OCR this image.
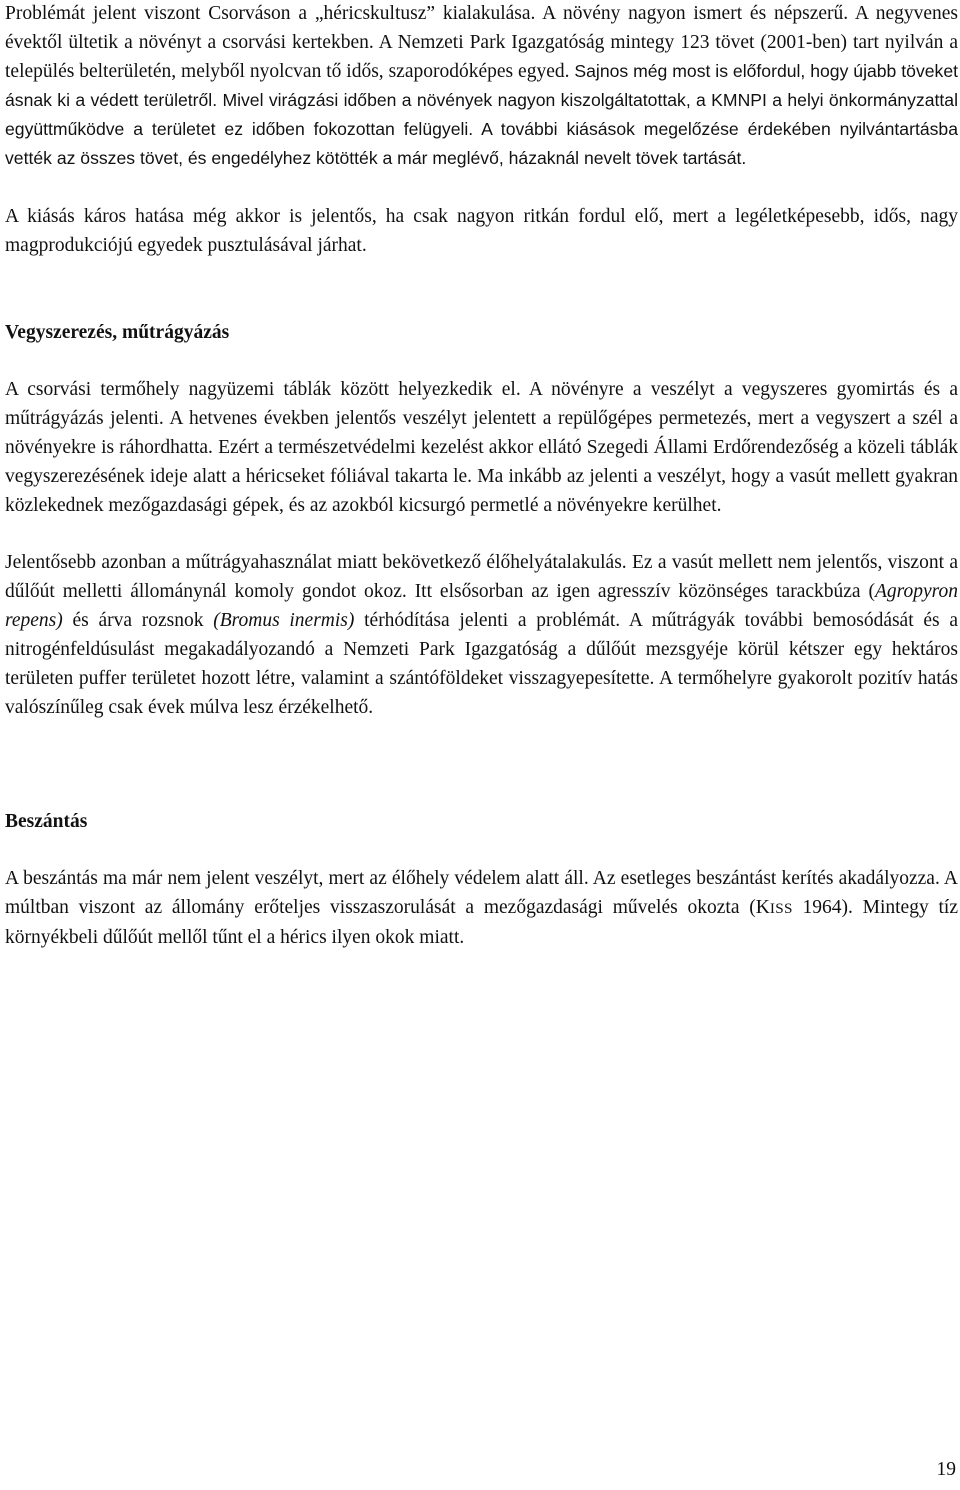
Problémát jelent viszont Csorváson a „héricskultusz” kialakulása. A növény nagyon ismert és népszerű. A negyvenes évektől ültetik a növényt a csorvási kertekben. A Nemzeti Park Igazgatóság mintegy 123 tövet (2001-ben) tart nyilván a település belterületén, melyből nyolcvan tő idős, szaporodóképes egyed. Sajnos még most is előfordul, hogy újabb töveket ásnak ki a védett területről. Mivel virágzási időben a növények nagyon kiszolgáltatottak, a KMNPI a helyi önkormányzattal együttműködve a területet ez időben fokozottan felügyeli. A további kiásások megelőzése érdekében nyilvántartásba vették az összes tövet, és engedélyhez kötötték a már meglévő, házaknál nevelt tövek tartását.

A kiásás káros hatása még akkor is jelentős, ha csak nagyon ritkán fordul elő, mert a legéletképesebb, idős, nagy magprodukciójú egyedek pusztulásával járhat.

Vegyszerezés, műtrágyázás

A csorvási termőhely nagyüzemi táblák között helyezkedik el. A növényre a veszélyt a vegyszeres gyomirtás és a műtrágyázás jelenti. A hetvenes években jelentős veszélyt jelentett a repülőgépes permetezés, mert a vegyszert a szél a növényekre is ráhordhatta. Ezért a természetvédelmi kezelést akkor ellátó Szegedi Állami Erdőrendezőség a közeli táblák vegyszerezésének ideje alatt a héricseket fóliával takarta le. Ma inkább az jelenti a veszélyt, hogy a vasút mellett gyakran közlekednek mezőgazdasági gépek, és az azokból kicsurgó permetlé a növényekre kerülhet.

Jelentősebb azonban a műtrágyahasználat miatt bekövetkező élőhelyátalakulás. Ez a vasút mellett nem jelentős, viszont a dűlőút melletti állománynál komoly gondot okoz. Itt elsősorban az igen agresszív közönséges tarackbúza (Agropyron repens) és árva rozsnok (Bromus inermis) térhódítása jelenti a problémát. A műtrágyák további bemosódását és a nitrogénfeldúsulást megakadályozandó a Nemzeti Park Igazgatóság a dűlőút mezsgyéje körül kétszer egy hektáros területen puffer területet hozott létre, valamint a szántóföldeket visszagyepesítette. A termőhelyre gyakorolt pozitív hatás valószínűleg csak évek múlva lesz érzékelhető.

Beszántás

A beszántás ma már nem jelent veszélyt, mert az élőhely védelem alatt áll. Az esetleges beszántást kerítés akadályozza. A múltban viszont az állomány erőteljes visszaszorulását a mezőgazdasági művelés okozta (KISS 1964). Mintegy tíz környékbeli dűlőút mellől tűnt el a hérics ilyen okok miatt.

19
